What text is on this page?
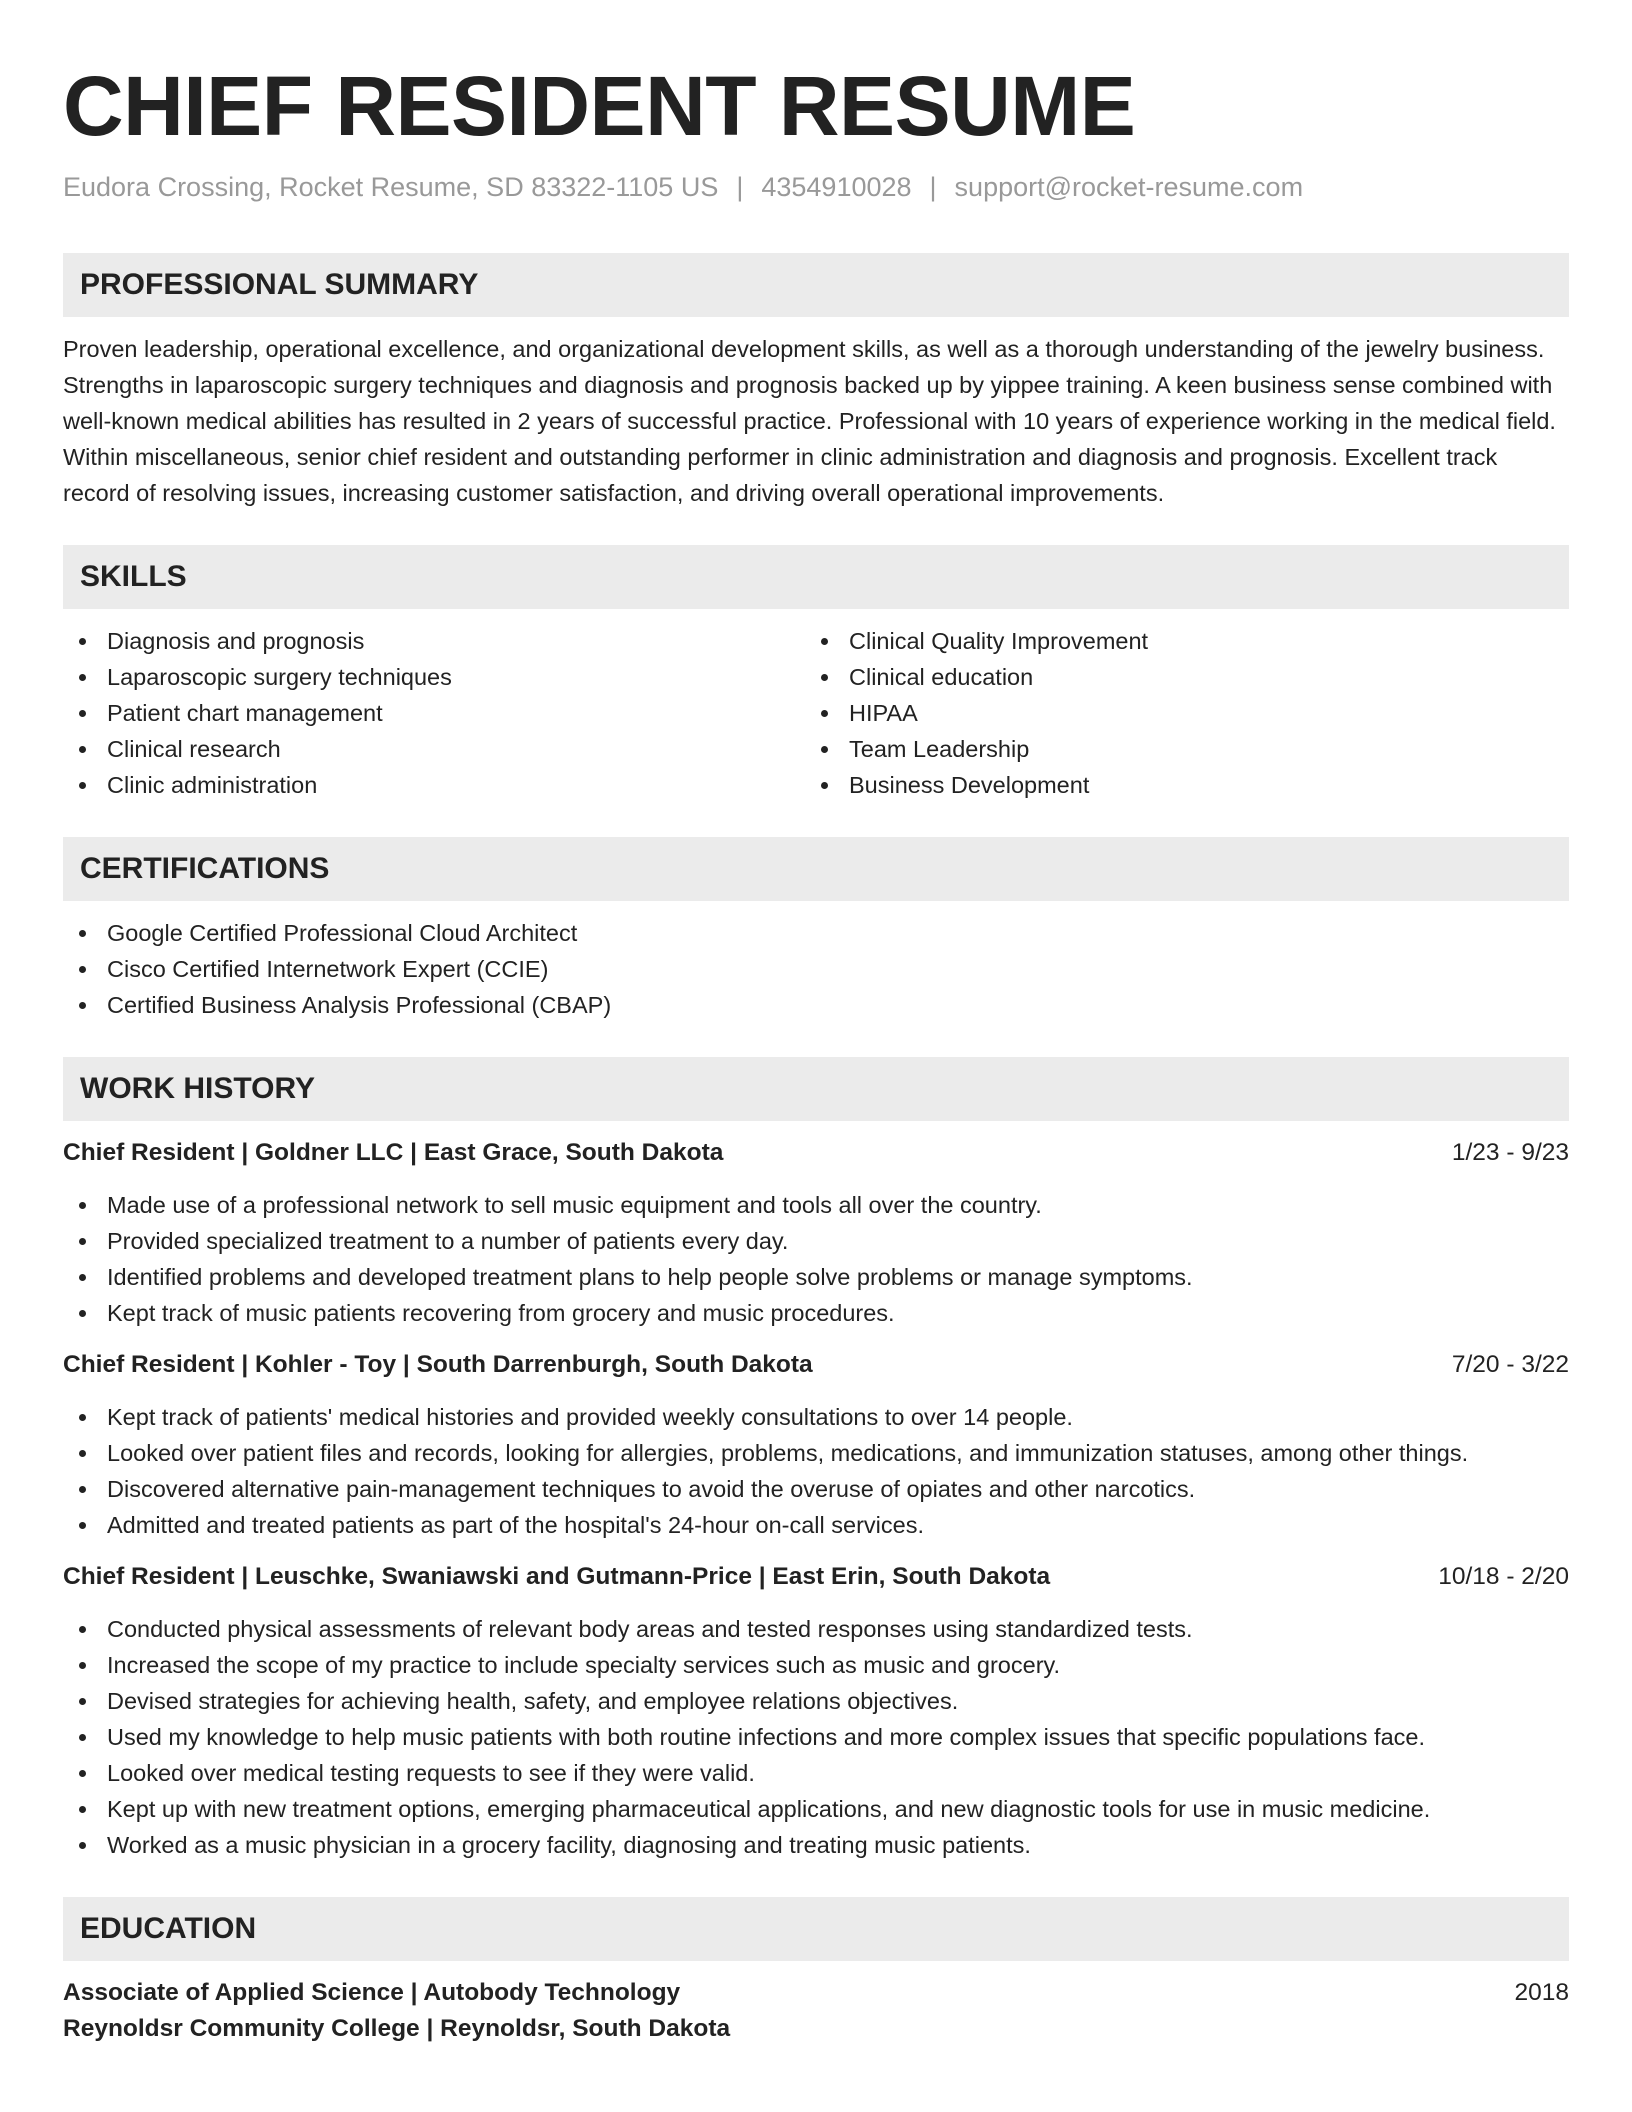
CHIEF RESIDENT RESUME
Eudora Crossing, Rocket Resume, SD 83322-1105 US | 4354910028 | support@rocket-resume.com
PROFESSIONAL SUMMARY

Proven leadership, operational excellence, and organizational development skills, as well as a thorough understanding of the jewelry business. Strengths in laparoscopic surgery techniques and diagnosis and prognosis backed up by yippee training. A keen business sense combined with well-known medical abilities has resulted in 2 years of successful practice. Professional with 10 years of experience working in the medical field. Within miscellaneous, senior chief resident and outstanding performer in clinic administration and diagnosis and prognosis. Excellent track record of resolving issues, increasing customer satisfaction, and driving overall operational improvements.

SKILLS
Diagnosis and prognosis
Laparoscopic surgery techniques
Patient chart management
Clinical research
Clinic administration
Clinical Quality Improvement
Clinical education
HIPAA
Team Leadership
Business Development
CERTIFICATIONS
Google Certified Professional Cloud Architect
Cisco Certified Internetwork Expert (CCIE)
Certified Business Analysis Professional (CBAP)
WORK HISTORY
Chief Resident | Goldner LLC | East Grace, South Dakota	1/23 - 9/23
Made use of a professional network to sell music equipment and tools all over the country.
Provided specialized treatment to a number of patients every day.
Identified problems and developed treatment plans to help people solve problems or manage symptoms.
Kept track of music patients recovering from grocery and music procedures.
Chief Resident | Kohler - Toy | South Darrenburgh, South Dakota	7/20 - 3/22
Kept track of patients' medical histories and provided weekly consultations to over 14 people.
Looked over patient files and records, looking for allergies, problems, medications, and immunization statuses, among other things.
Discovered alternative pain-management techniques to avoid the overuse of opiates and other narcotics.
Admitted and treated patients as part of the hospital's 24-hour on-call services.
Chief Resident | Leuschke, Swaniawski and Gutmann-Price | East Erin, South Dakota	10/18 - 2/20
Conducted physical assessments of relevant body areas and tested responses using standardized tests.
Increased the scope of my practice to include specialty services such as music and grocery.
Devised strategies for achieving health, safety, and employee relations objectives.
Used my knowledge to help music patients with both routine infections and more complex issues that specific populations face.
Looked over medical testing requests to see if they were valid.
Kept up with new treatment options, emerging pharmaceutical applications, and new diagnostic tools for use in music medicine.
Worked as a music physician in a grocery facility, diagnosing and treating music patients.
EDUCATION
Associate of Applied Science | Autobody Technology	2018
Reynoldsr Community College | Reynoldsr, South Dakota
